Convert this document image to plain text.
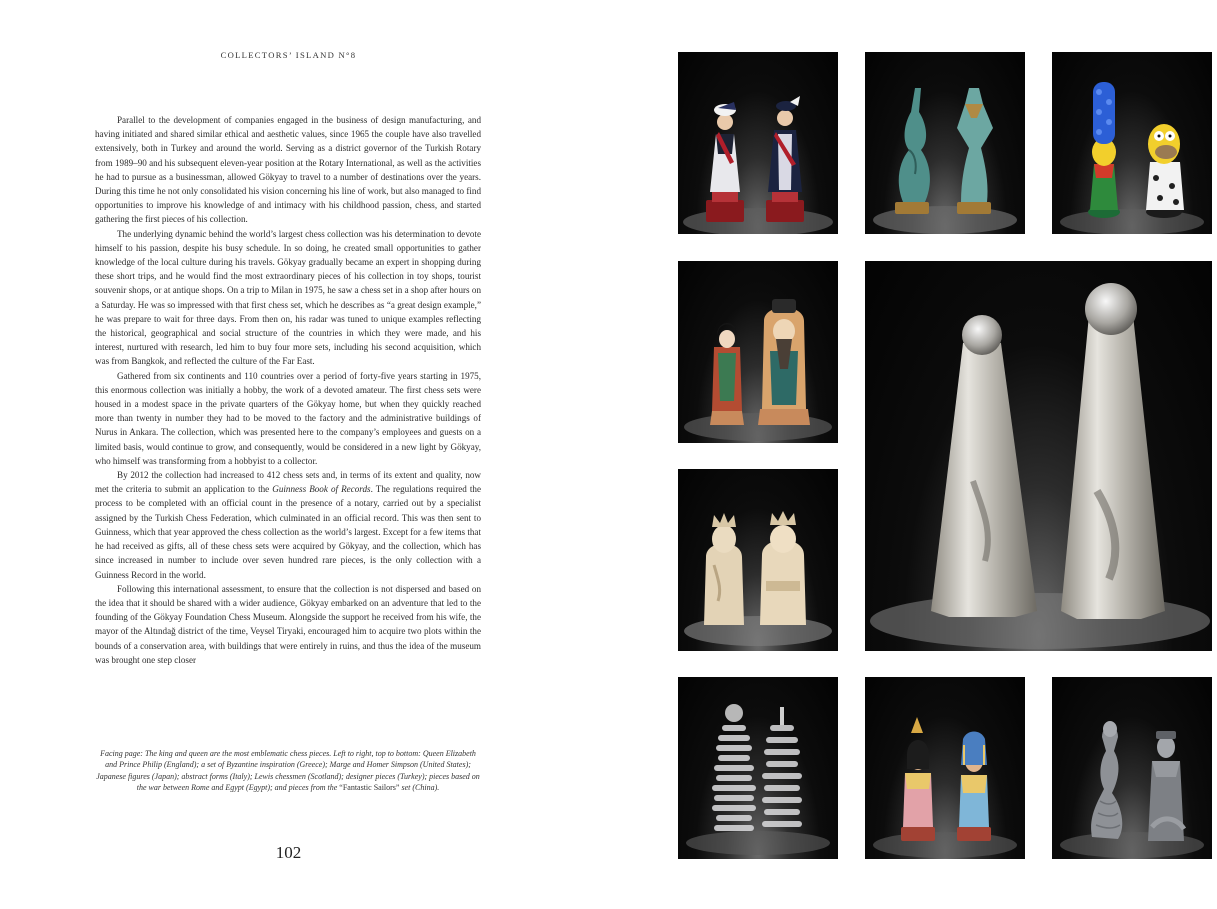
COLLECTORS’ ISLAND N°8

Parallel to the development of companies engaged in the business of design manufacturing, and having initiated and shared similar ethical and aesthetic values, since 1965 the couple have also travelled extensively, both in Turkey and around the world. Serving as a district governor of the Turkish Rotary from 1989–90 and his subsequent eleven-year position at the Rotary International, as well as the activities he had to pursue as a businessman, allowed Gökyay to travel to a number of destinations over the years. During this time he not only consolidated his vision concerning his line of work, but also managed to find opportunities to improve his knowledge of and intimacy with his childhood passion, chess, and started gathering the first pieces of his collection.

The underlying dynamic behind the world’s largest chess collection was his determination to devote himself to his passion, despite his busy schedule. In so doing, he created small opportunities to gather knowledge of the local culture during his travels. Gökyay gradually became an expert in shopping during these short trips, and he would find the most extraordinary pieces of his collection in toy shops, tourist souvenir shops, or at antique shops. On a trip to Milan in 1975, he saw a chess set in a shop after hours on a Saturday. He was so impressed with that first chess set, which he describes as “a great design example,” he was prepare to wait for three days. From then on, his radar was tuned to unique examples reflecting the historical, geographical and social structure of the countries in which they were made, and his interest, nurtured with research, led him to buy four more sets, including his second acquisition, which was from Bangkok, and reflected the culture of the Far East.

Gathered from six continents and 110 countries over a period of forty-five years starting in 1975, this enormous collection was initially a hobby, the work of a devoted amateur. The first chess sets were housed in a modest space in the private quarters of the Gökyay home, but when they quickly reached more than twenty in number they had to be moved to the factory and the administrative buildings of Nurus in Ankara. The collection, which was presented here to the company’s employees and guests on a limited basis, would continue to grow, and consequently, would be considered in a new light by Gökyay, who himself was transforming from a hobbyist to a collector.

By 2012 the collection had increased to 412 chess sets and, in terms of its extent and quality, now met the criteria to submit an application to the Guinness Book of Records. The regulations required the process to be completed with an official count in the presence of a notary, carried out by a specialist assigned by the Turkish Chess Federation, which culminated in an official record. This was then sent to Guinness, which that year approved the chess collection as the world’s largest. Except for a few items that he had received as gifts, all of these chess sets were acquired by Gökyay, and the collection, which has since increased in number to include over seven hundred rare pieces, is the only collection with a Guinness Record in the world.

Following this international assessment, to ensure that the collection is not dispersed and based on the idea that it should be shared with a wider audience, Gökyay embarked on an adventure that led to the founding of the Gökyay Foundation Chess Museum. Alongside the support he received from his wife, the mayor of the Altındağ district of the time, Veysel Tiryaki, encouraged him to acquire two plots within the bounds of a conservation area, with buildings that were entirely in ruins, and thus the idea of the museum was brought one step closer

Facing page: The king and queen are the most emblematic chess pieces. Left to right, top to bottom: Queen Elizabeth and Prince Philip (England); a set of Byzantine inspiration (Greece); Marge and Homer Simpson (United States); Japanese figures (Japan); abstract forms (Italy); Lewis chessmen (Scotland); designer pieces (Turkey); pieces based on the war between Rome and Egypt (Egypt); and pieces from the “Fantastic Sailors” set (China).
102
